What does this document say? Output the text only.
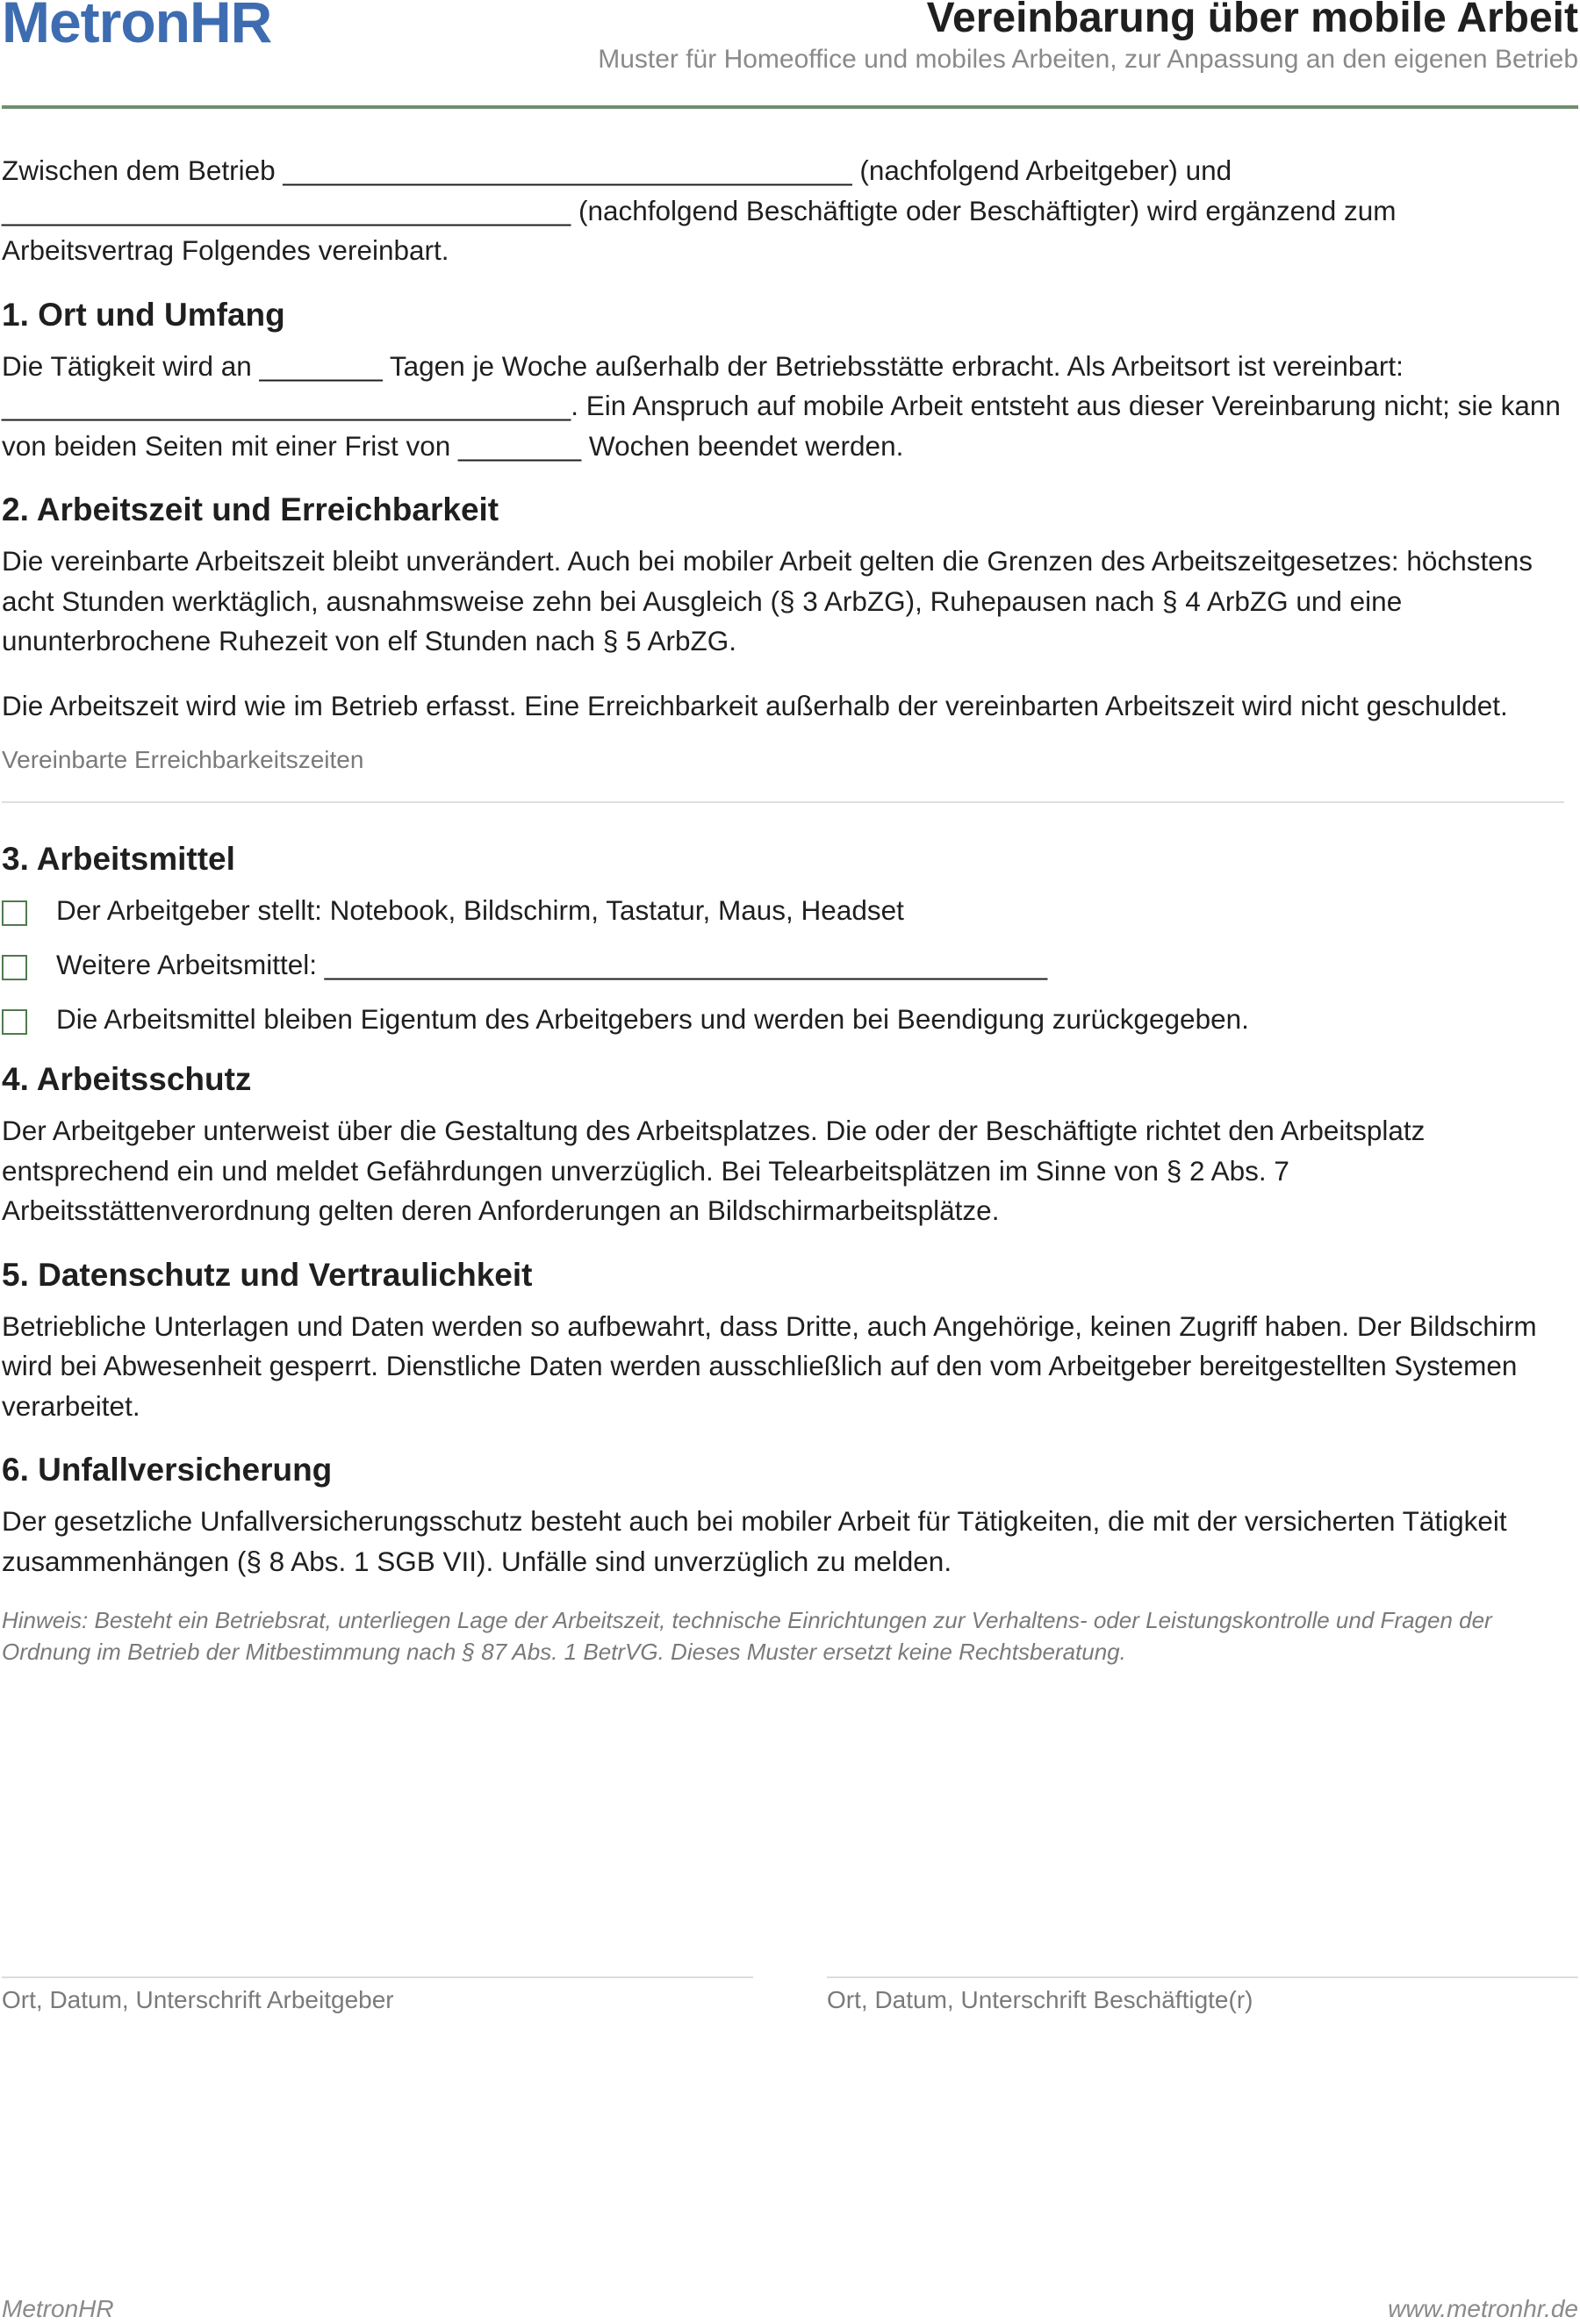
MetronHR	Vereinbarung über mobile Arbeit
Muster für Homeoffice und mobiles Arbeiten, zur Anpassung an den eigenen Betrieb

Zwischen dem Betrieb _____________________________________ (nachfolgend Arbeitgeber) und _____________________________________ (nachfolgend Beschäftigte oder Beschäftigter) wird ergänzend zum Arbeitsvertrag Folgendes vereinbart.

1. Ort und Umfang

Die Tätigkeit wird an ________ Tagen je Woche außerhalb der Betriebsstätte erbracht. Als Arbeitsort ist vereinbart: _____________________________________. Ein Anspruch auf mobile Arbeit entsteht aus dieser Vereinbarung nicht; sie kann von beiden Seiten mit einer Frist von ________ Wochen beendet werden.

2. Arbeitszeit und Erreichbarkeit

Die vereinbarte Arbeitszeit bleibt unverändert. Auch bei mobiler Arbeit gelten die Grenzen des Arbeitszeitgesetzes: höchstens acht Stunden werktäglich, ausnahmsweise zehn bei Ausgleich (§ 3 ArbZG), Ruhepausen nach § 4 ArbZG und eine ununterbrochene Ruhezeit von elf Stunden nach § 5 ArbZG.

Die Arbeitszeit wird wie im Betrieb erfasst. Eine Erreichbarkeit außerhalb der vereinbarten Arbeitszeit wird nicht geschuldet.

Vereinbarte Erreichbarkeitszeiten
3. Arbeitsmittel
Der Arbeitgeber stellt: Notebook, Bildschirm, Tastatur, Maus, Headset
Weitere Arbeitsmittel: _______________________________________________
Die Arbeitsmittel bleiben Eigentum des Arbeitgebers und werden bei Beendigung zurückgegeben.
4. Arbeitsschutz

Der Arbeitgeber unterweist über die Gestaltung des Arbeitsplatzes. Die oder der Beschäftigte richtet den Arbeitsplatz entsprechend ein und meldet Gefährdungen unverzüglich. Bei Telearbeitsplätzen im Sinne von § 2 Abs. 7 Arbeitsstättenverordnung gelten deren Anforderungen an Bildschirmarbeitsplätze.

5. Datenschutz und Vertraulichkeit

Betriebliche Unterlagen und Daten werden so aufbewahrt, dass Dritte, auch Angehörige, keinen Zugriff haben. Der Bildschirm wird bei Abwesenheit gesperrt. Dienstliche Daten werden ausschließlich auf den vom Arbeitgeber bereitgestellten Systemen verarbeitet.

6. Unfallversicherung

Der gesetzliche Unfallversicherungsschutz besteht auch bei mobiler Arbeit für Tätigkeiten, die mit der versicherten Tätigkeit zusammenhängen (§ 8 Abs. 1 SGB VII). Unfälle sind unverzüglich zu melden.

Hinweis: Besteht ein Betriebsrat, unterliegen Lage der Arbeitszeit, technische Einrichtungen zur Verhaltens- oder Leistungskontrolle und Fragen der Ordnung im Betrieb der Mitbestimmung nach § 87 Abs. 1 BetrVG. Dieses Muster ersetzt keine Rechtsberatung.

Ort, Datum, Unterschrift Arbeitgeber	Ort, Datum, Unterschrift Beschäftigte(r)
MetronHR	www.metronhr.de
